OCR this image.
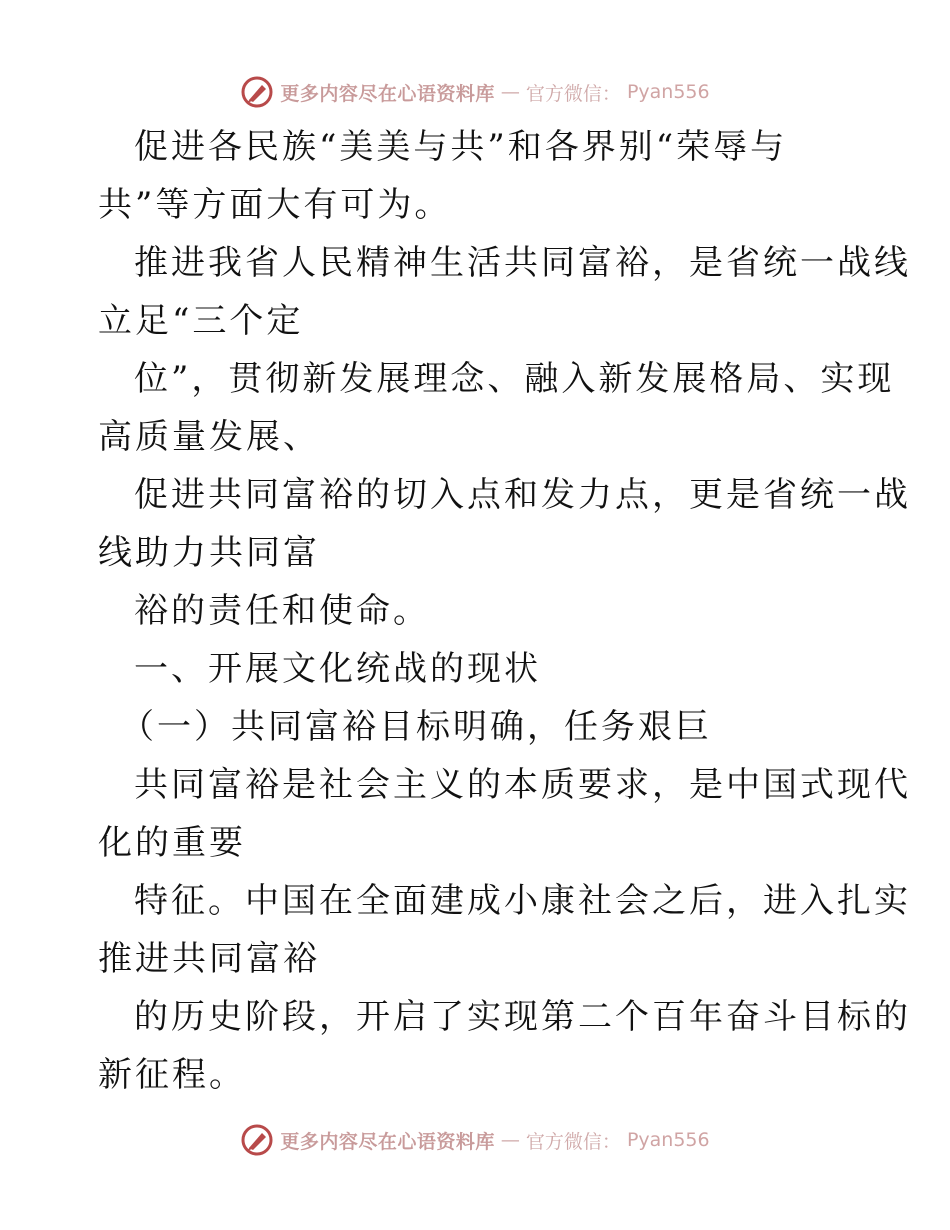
更多内容尽在心语资料库 — 官方微信： Pyan556
促进各民族“美美与共”和各界别“荣辱与
共”等方面大有可为。
推进我省人民精神生活共同富裕，是省统一战线
立足“三个定
位”，贯彻新发展理念、融入新发展格局、实现
高质量发展、
促进共同富裕的切入点和发力点，更是省统一战
线助力共同富
裕的责任和使命。
一、开展文化统战的现状
（一）共同富裕目标明确，任务艰巨
共同富裕是社会主义的本质要求，是中国式现代
化的重要
特征。中国在全面建成小康社会之后，进入扎实
推进共同富裕
的历史阶段，开启了实现第二个百年奋斗目标的
新征程。
更多内容尽在心语资料库 — 官方微信： Pyan556
